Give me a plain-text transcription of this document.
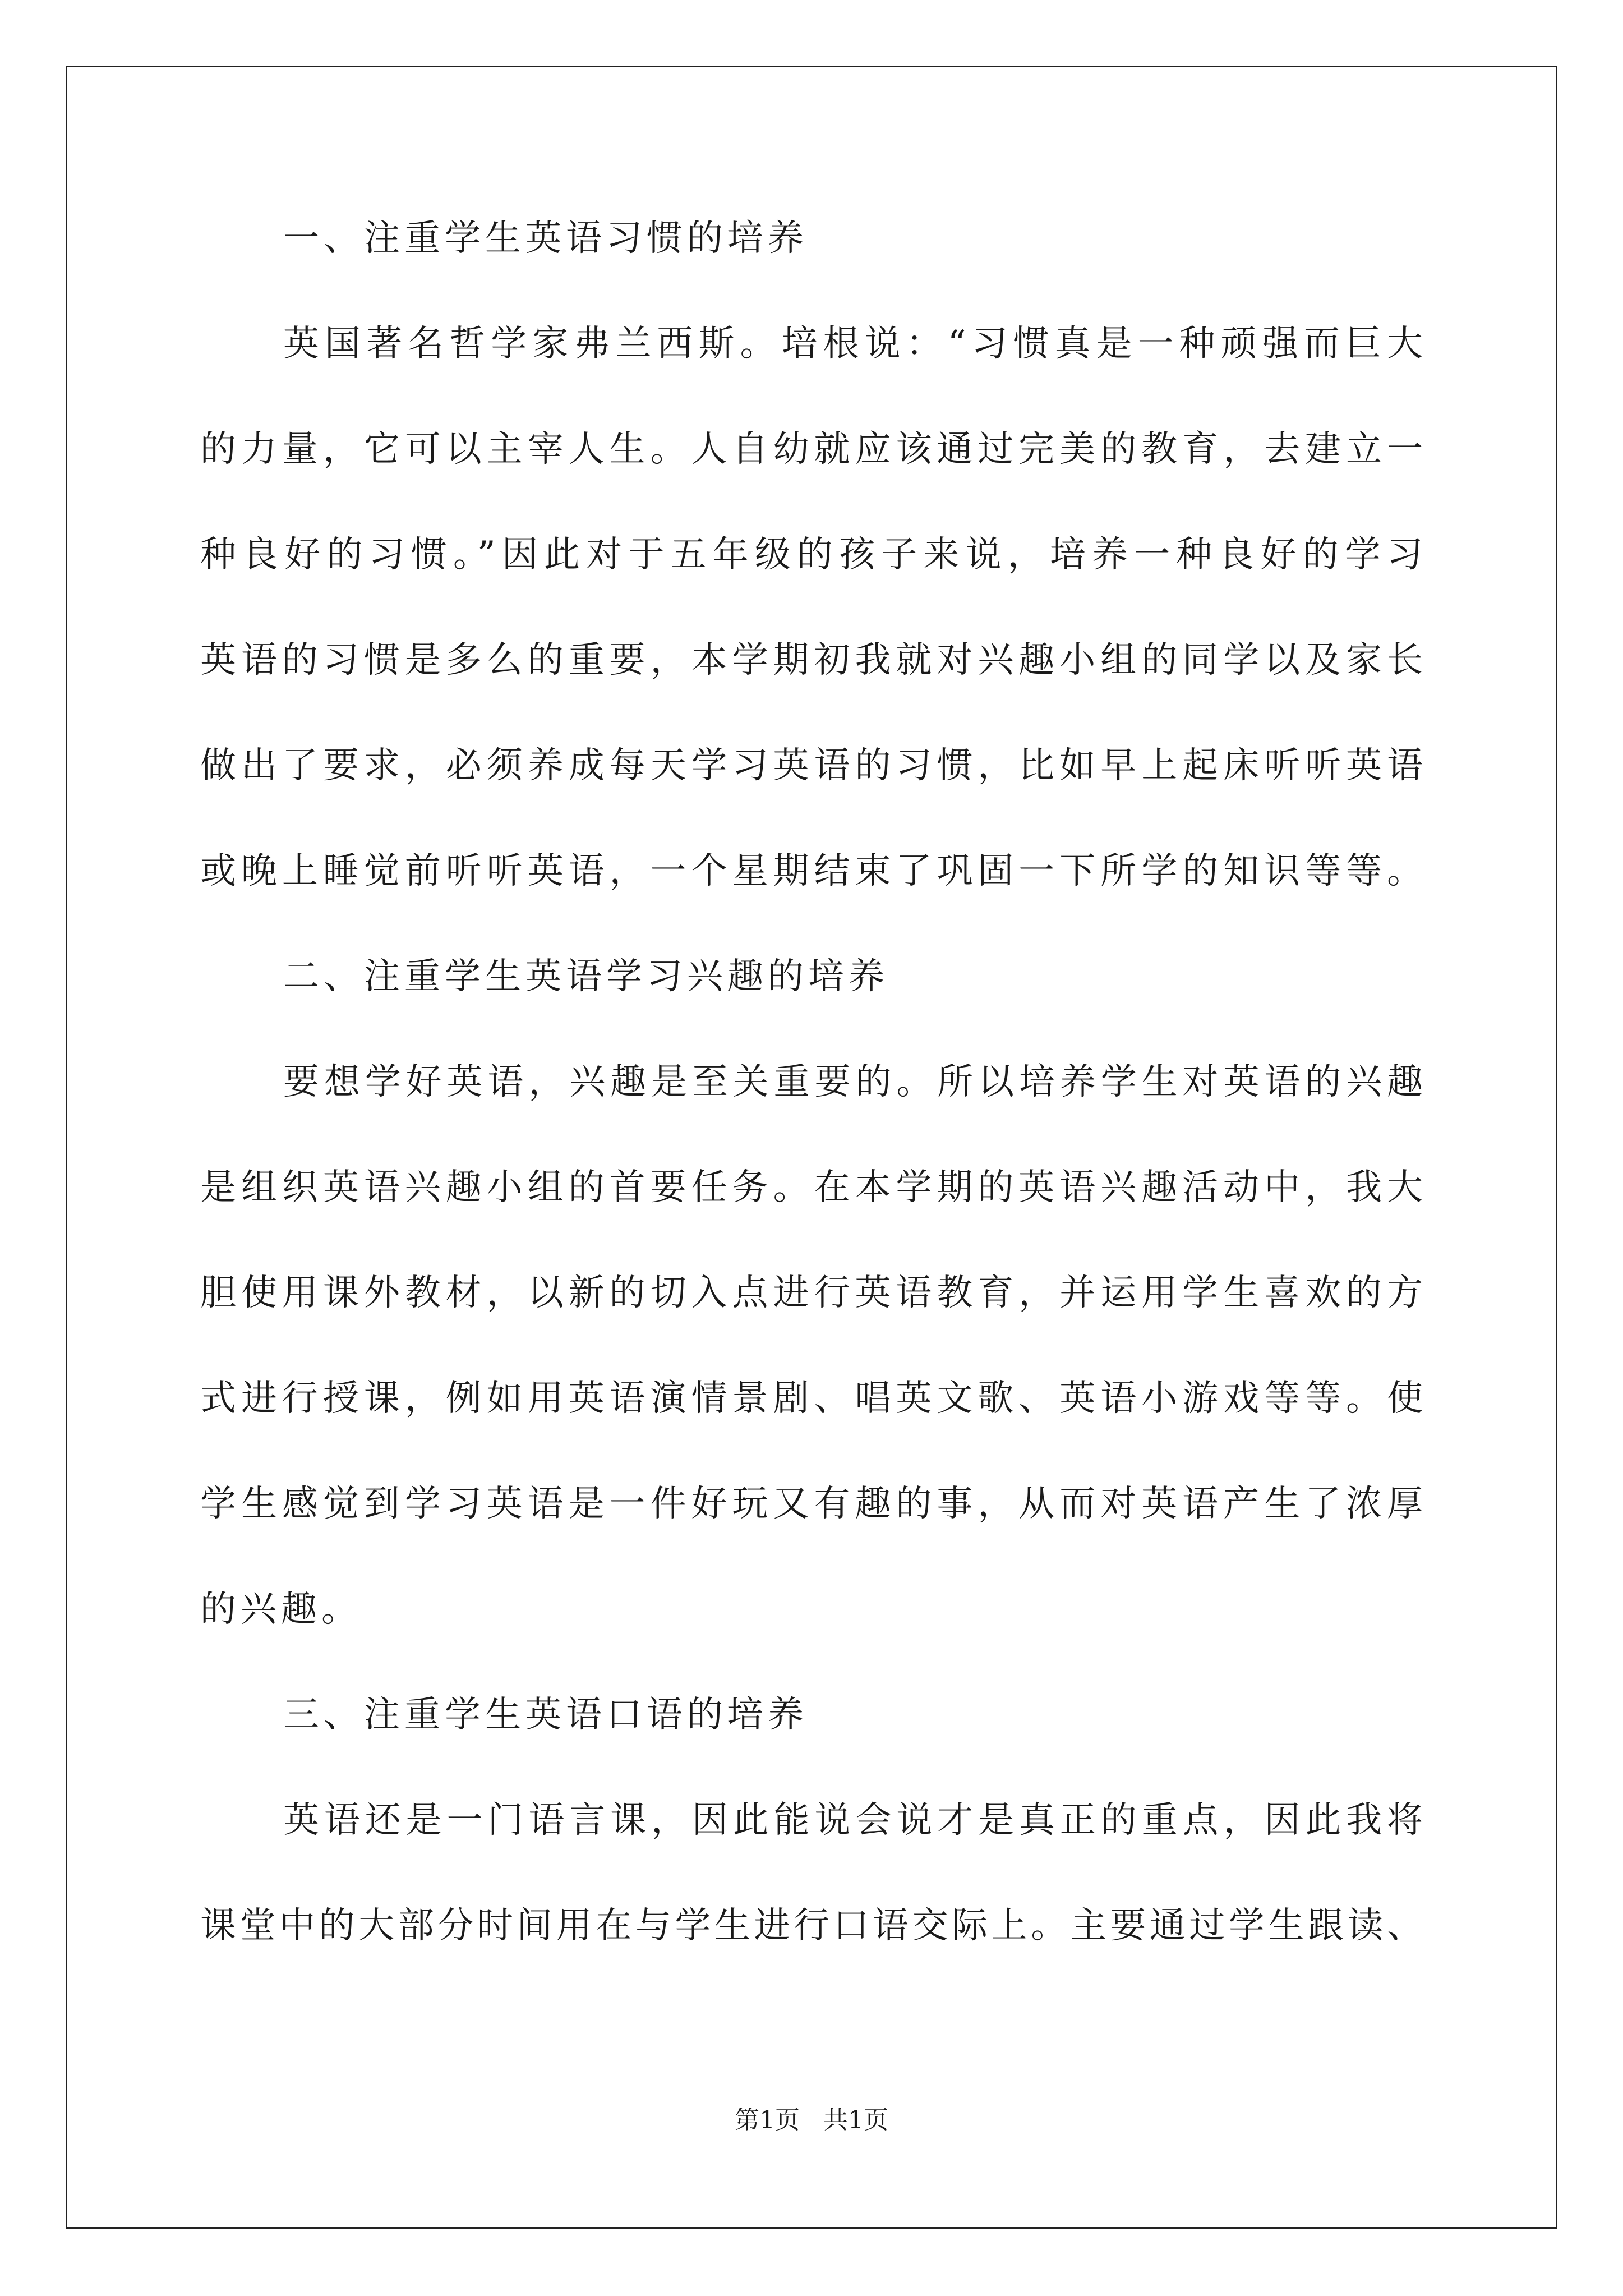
一、注重学生英语习惯的培养
英国著名哲学家弗兰西斯。培根说：“习惯真是一种顽强而巨大
的力量，它可以主宰人生。人自幼就应该通过完美的教育，去建立一
种良好的习惯。”因此对于五年级的孩子来说，培养一种良好的学习
英语的习惯是多么的重要，本学期初我就对兴趣小组的同学以及家长
做出了要求，必须养成每天学习英语的习惯，比如早上起床听听英语
或晚上睡觉前听听英语，一个星期结束了巩固一下所学的知识等等。
二、注重学生英语学习兴趣的培养
要想学好英语，兴趣是至关重要的。所以培养学生对英语的兴趣
是组织英语兴趣小组的首要任务。在本学期的英语兴趣活动中，我大
胆使用课外教材，以新的切入点进行英语教育，并运用学生喜欢的方
式进行授课，例如用英语演情景剧、唱英文歌、英语小游戏等等。使
学生感觉到学习英语是一件好玩又有趣的事，从而对英语产生了浓厚
的兴趣。
三、注重学生英语口语的培养
英语还是一门语言课，因此能说会说才是真正的重点，因此我将
课堂中的大部分时间用在与学生进行口语交际上。主要通过学生跟读、
第1页   共1页
